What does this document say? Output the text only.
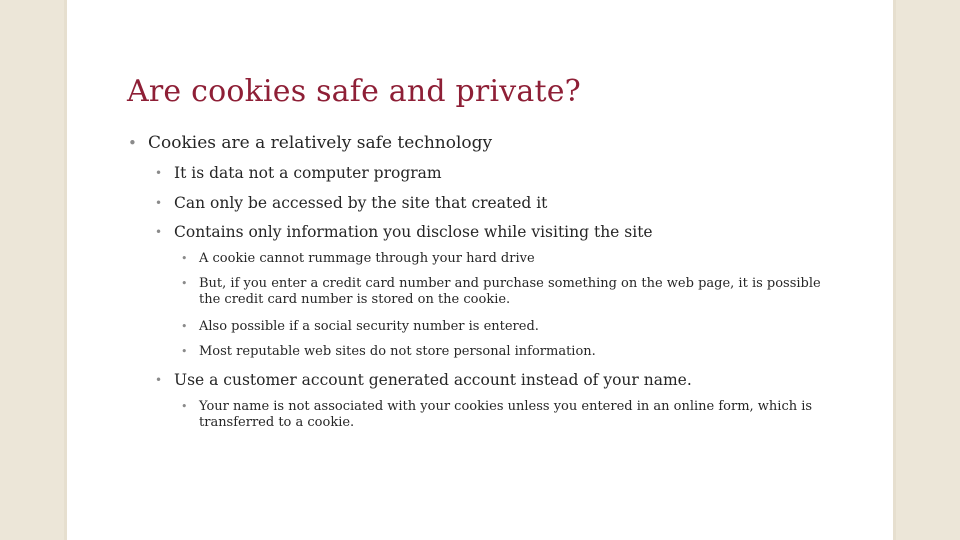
Are cookies safe and private?
• Cookies are a relatively safe technology
• It is data not a computer program
• Can only be accessed by the site that created it
• Contains only information you disclose while visiting the site
• A cookie cannot rummage through your hard drive
• But, if you enter a credit card number and purchase something on the web page, it is possible
the credit card number is stored on the cookie.
• Also possible if a social security number is entered.
• Most reputable web sites do not store personal information.
• Use a customer account generated account instead of your name.
• Your name is not associated with your cookies unless you entered in an online form, which is
transferred to a cookie.
